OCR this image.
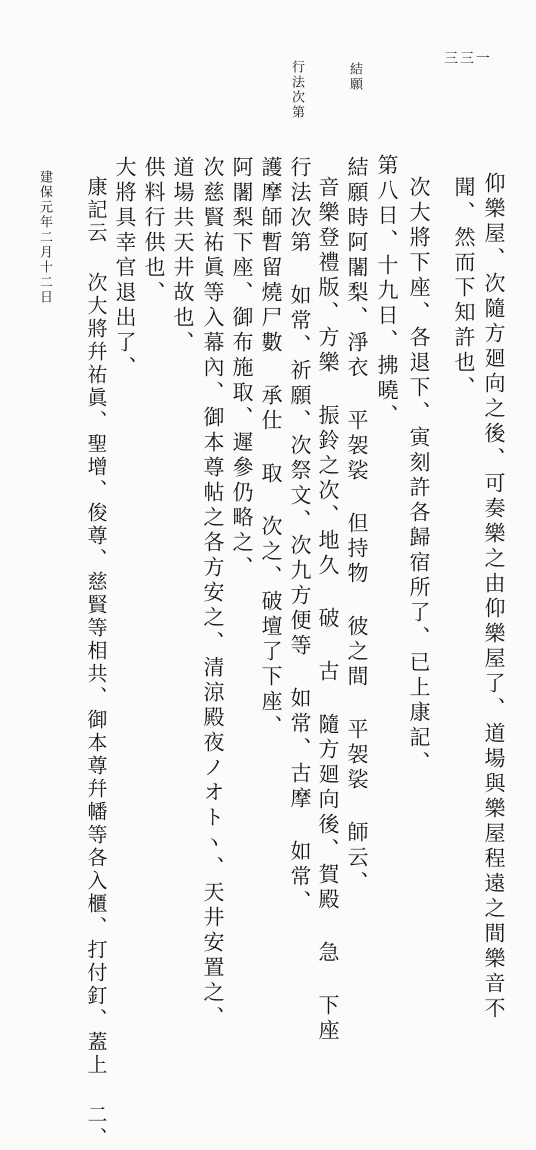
三三一
結願
行法次第
仰樂屋、次隨方廻向之後、可奏樂之由仰樂屋了、道場與樂屋程遠之間樂音不
聞、然而下知許也、
次大將下座、各退下、寅刻許各歸宿所了、已上康記、
第八日、十九日、拂曉、
結願時阿闍梨、淨衣 平袈裟 但持物 彼之間 平袈裟 師云、
音樂登禮版、方樂 振鈴之次、地久 破 古 隨方廻向後、賀殿 急 下座
行法次第 如常、祈願、次祭文、次九方便等 如常、古摩 如常、
護摩師暫留燒尸數 承仕 取 次之、破壇了下座、
阿闍梨下座、御布施取、遲參仍略之、
次慈賢祐眞等入幕內、御本尊帖之各方安之、清涼殿夜ノオトヽ、天井安置之、
道場共天井故也、
供料行供也、
大將具幸官退出了、
康記云 次大將幷祐眞、聖增、俊尊、慈賢等相共、御本尊幷幡等各入櫃、打付釘、蓋上 二、
建保元年二月十二日
